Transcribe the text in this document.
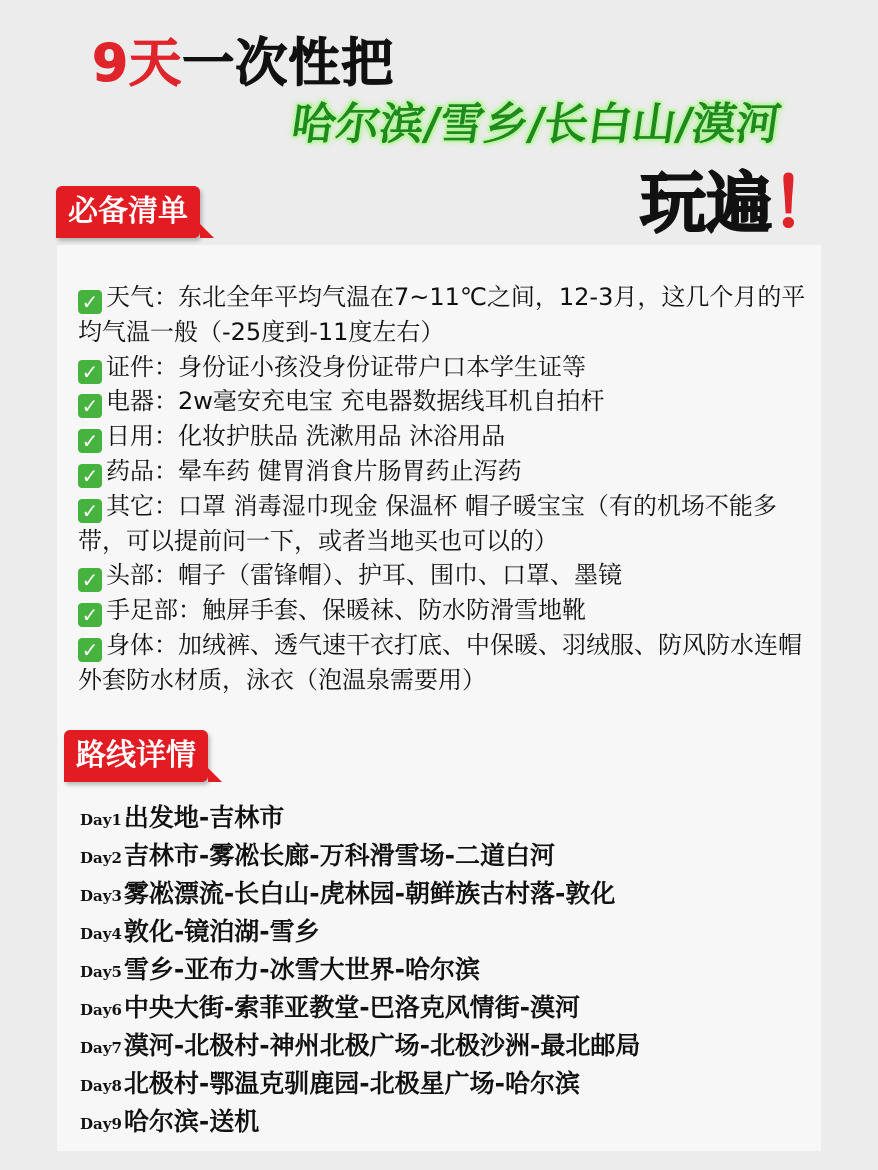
9天一次性把
哈尔滨/雪乡/长白山/漠河
玩遍！
必备清单

✓ 天气：东北全年平均气温在7~11℃之间，12-3月，这几个月的平均气温一般（-25度到-11度左右）

✓ 证件：身份证小孩没身份证带户口本学生证等

✓ 电器：2w毫安充电宝 充电器数据线耳机自拍杆

✓ 日用：化妆护肤品 洗漱用品 沐浴用品

✓ 药品：晕车药 健胃消食片肠胃药止泻药

✓ 其它：口罩 消毒湿巾现金 保温杯 帽子暖宝宝（有的机场不能多带，可以提前问一下，或者当地买也可以的）

✓ 头部：帽子（雷锋帽）、护耳、围巾、口罩、墨镜

✓ 手足部：触屏手套、保暖袜、防水防滑雪地靴

✓ 身体：加绒裤、透气速干衣打底、中保暖、羽绒服、防风防水连帽外套防水材质，泳衣（泡温泉需要用）

路线详情

Day1出发地-吉林市

Day2吉林市-雾凇长廊-万科滑雪场-二道白河

Day3雾凇漂流-长白山-虎林园-朝鲜族古村落-敦化

Day4敦化-镜泊湖-雪乡

Day5雪乡-亚布力-冰雪大世界-哈尔滨

Day6中央大街-索菲亚教堂-巴洛克风情街-漠河

Day7漠河-北极村-神州北极广场-北极沙洲-最北邮局

Day8北极村-鄂温克驯鹿园-北极星广场-哈尔滨

Day9哈尔滨-送机
